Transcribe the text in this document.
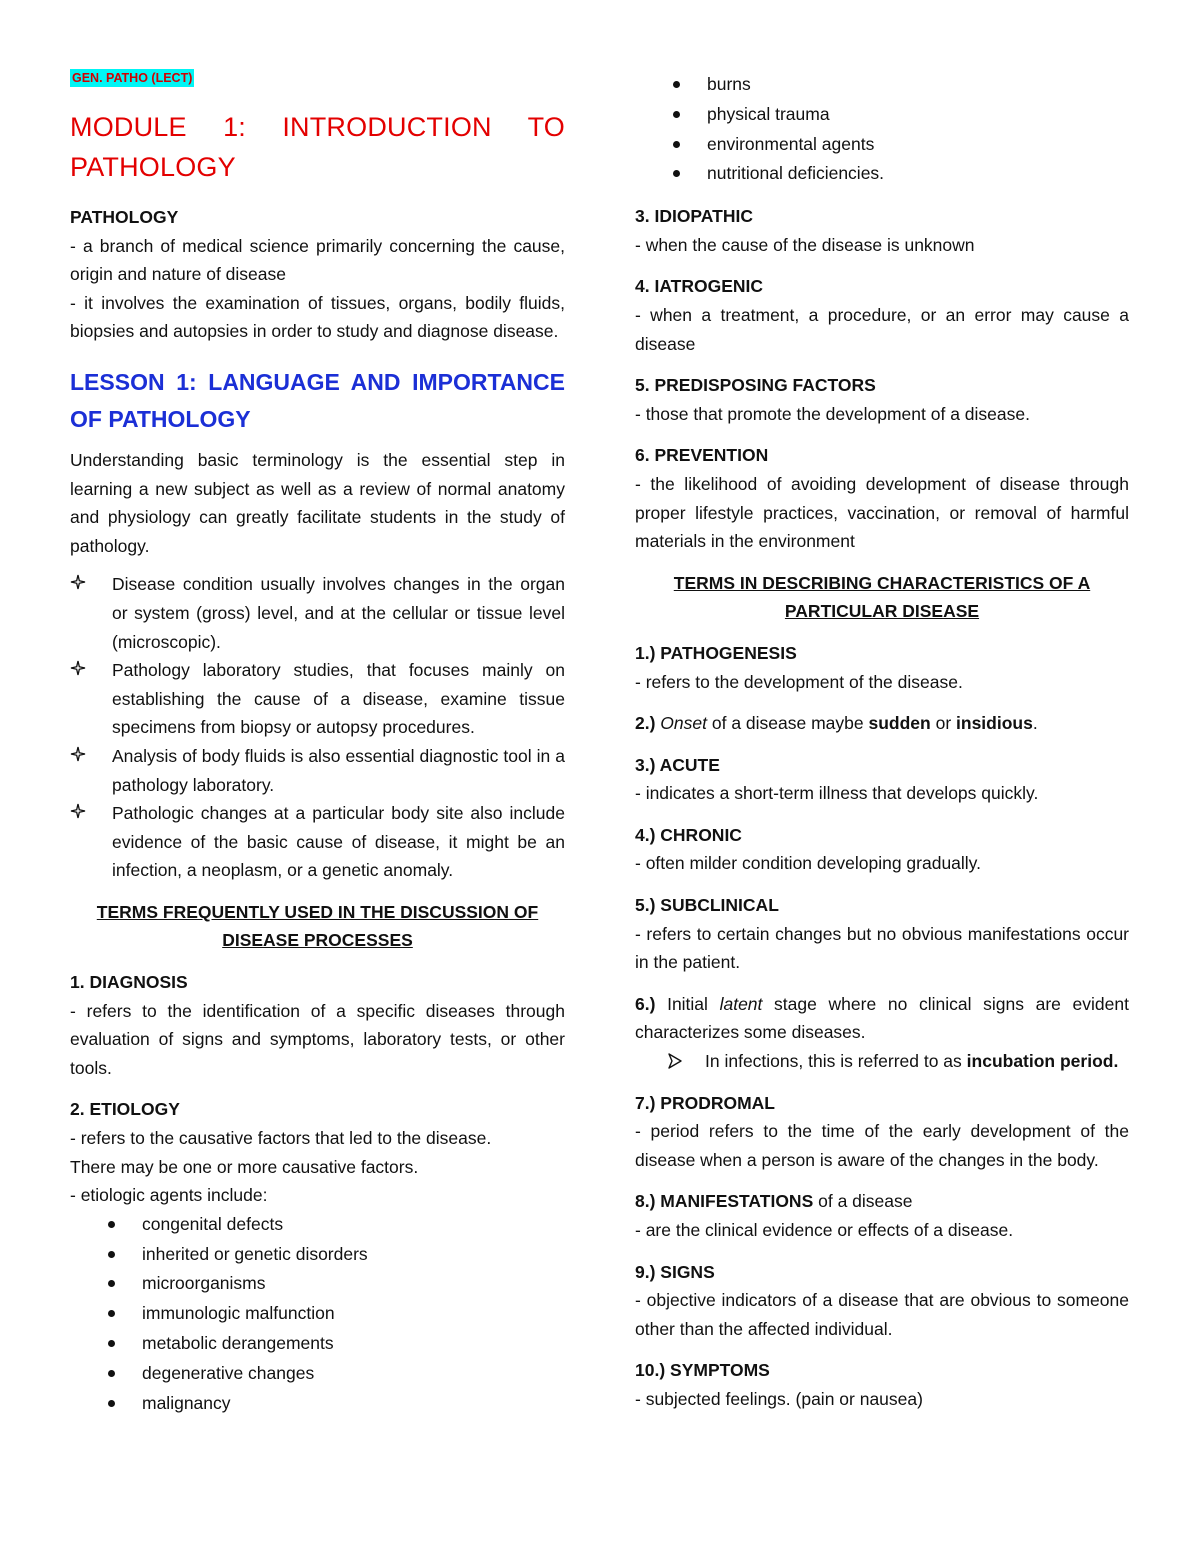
GEN. PATHO (LECT)
MODULE 1: INTRODUCTION TO PATHOLOGY

PATHOLOGY

- a branch of medical science primarily concerning the cause, origin and nature of disease

- it involves the examination of tissues, organs, bodily fluids, biopsies and autopsies in order to study and diagnose disease.

LESSON 1: LANGUAGE AND IMPORTANCE OF PATHOLOGY

Understanding basic terminology is the essential step in learning a new subject as well as a review of normal anatomy and physiology can greatly facilitate students in the study of pathology.

Disease condition usually involves changes in the organ or system (gross) level, and at the cellular or tissue level (microscopic).
Pathology laboratory studies, that focuses mainly on establishing the cause of a disease, examine tissue specimens from biopsy or autopsy procedures.
Analysis of body fluids is also essential diagnostic tool in a pathology laboratory.
Pathologic changes at a particular body site also include evidence of the basic cause of disease, it might be an infection, a neoplasm, or a genetic anomaly.

TERMS FREQUENTLY USED IN THE DISCUSSION OF

DISEASE PROCESSES

1. DIAGNOSIS

- refers to the identification of a specific diseases through evaluation of signs and symptoms, laboratory tests, or other tools.

2. ETIOLOGY

- refers to the causative factors that led to the disease.

There may be one or more causative factors.

- etiologic agents include:

congenital defects
inherited or genetic disorders
microorganisms
immunologic malfunction
metabolic derangements
degenerative changes
malignancy
burns
physical trauma
environmental agents
nutritional deficiencies.

3. IDIOPATHIC

- when the cause of the disease is unknown

4. IATROGENIC

- when a treatment, a procedure, or an error may cause a disease

5. PREDISPOSING FACTORS

- those that promote the development of a disease.

6. PREVENTION

- the likelihood of avoiding development of disease through proper lifestyle practices, vaccination, or removal of harmful materials in the environment

TERMS IN DESCRIBING CHARACTERISTICS OF A

PARTICULAR DISEASE

1.) PATHOGENESIS

- refers to the development of the disease.

2.) Onset of a disease maybe sudden or insidious.

3.) ACUTE

- indicates a short-term illness that develops quickly.

4.) CHRONIC

- often milder condition developing gradually.

5.) SUBCLINICAL

- refers to certain changes but no obvious manifestations occur in the patient.

6.) Initial latent stage where no clinical signs are evident characterizes some diseases.

In infections, this is referred to as incubation period.

7.) PRODROMAL

- period refers to the time of the early development of the disease when a person is aware of the changes in the body.

8.) MANIFESTATIONS of a disease

- are the clinical evidence or effects of a disease.

9.) SIGNS

- objective indicators of a disease that are obvious to someone other than the affected individual.

10.) SYMPTOMS

- subjected feelings. (pain or nausea)
